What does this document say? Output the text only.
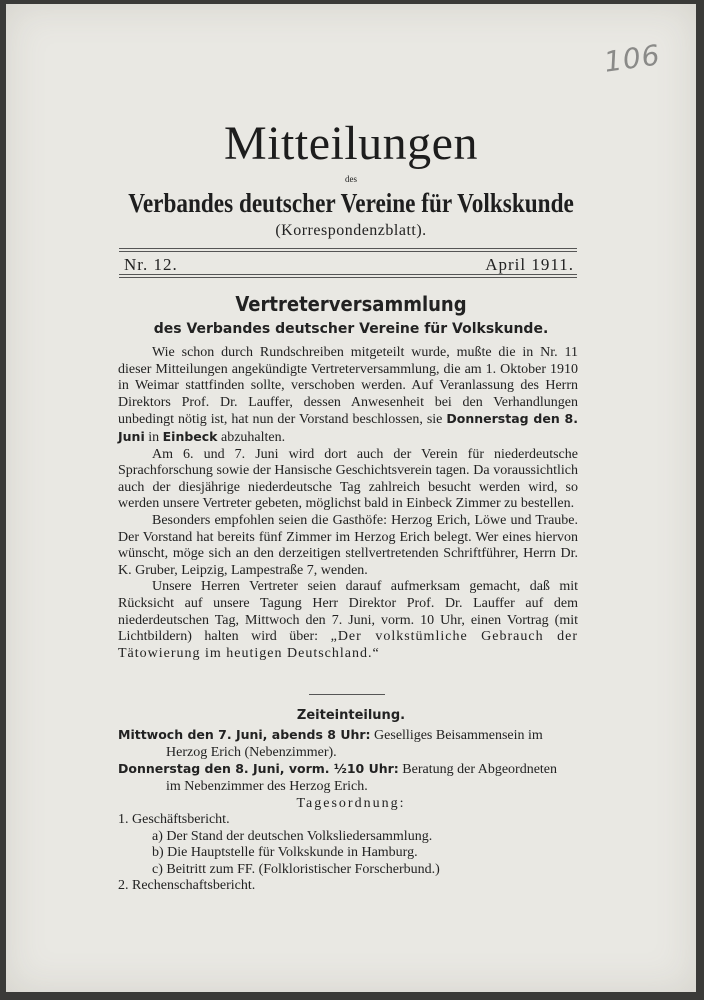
106
Mitteilungen
des
Verbandes deutscher Vereine für Volkskunde
(Korrespondenzblatt).
Nr. 12.	April 1911.
Vertreterversammlung
des Verbandes deutscher Vereine für Volkskunde.

Wie schon durch Rundschreiben mitgeteilt wurde, mußte die in Nr. 11 dieser Mitteilungen angekündigte Vertreterversammlung, die am 1. Oktober 1910 in Weimar stattfinden sollte, verschoben werden. Auf Veranlassung des Herrn Direktors Prof. Dr. Lauffer, dessen Anwesenheit bei den Verhandlungen unbedingt nötig ist, hat nun der Vorstand beschlossen, sie Donnerstag den 8. Juni in Einbeck abzuhalten.

Am 6. und 7. Juni wird dort auch der Verein für niederdeutsche Sprachforschung sowie der Hansische Geschichtsverein tagen. Da voraussichtlich auch der diesjährige niederdeutsche Tag zahlreich besucht werden wird, so werden unsere Vertreter gebeten, möglichst bald in Einbeck Zimmer zu bestellen.

Besonders empfohlen seien die Gasthöfe: Herzog Erich, Löwe und Traube. Der Vorstand hat bereits fünf Zimmer im Herzog Erich belegt. Wer eines hiervon wünscht, möge sich an den derzeitigen stellvertretenden Schriftführer, Herrn Dr. K. Gruber, Leipzig, Lampestraße 7, wenden.

Unsere Herren Vertreter seien darauf aufmerksam gemacht, daß mit Rücksicht auf unsere Tagung Herr Direktor Prof. Dr. Lauffer auf dem niederdeutschen Tag, Mittwoch den 7. Juni, vorm. 10 Uhr, einen Vortrag (mit Lichtbildern) halten wird über: „Der volkstümliche Gebrauch der Tätowierung im heutigen Deutschland.“

Zeiteinteilung.
Mittwoch den 7. Juni, abends 8 Uhr: Geselliges Beisammensein im
Herzog Erich (Nebenzimmer).
Donnerstag den 8. Juni, vorm. ½10 Uhr: Beratung der Abgeordneten
im Nebenzimmer des Herzog Erich.
Tagesordnung:
1. Geschäftsbericht.
a) Der Stand der deutschen Volksliedersammlung.
b) Die Hauptstelle für Volkskunde in Hamburg.
c) Beitritt zum FF. (Folkloristischer Forscherbund.)
2. Rechenschaftsbericht.
